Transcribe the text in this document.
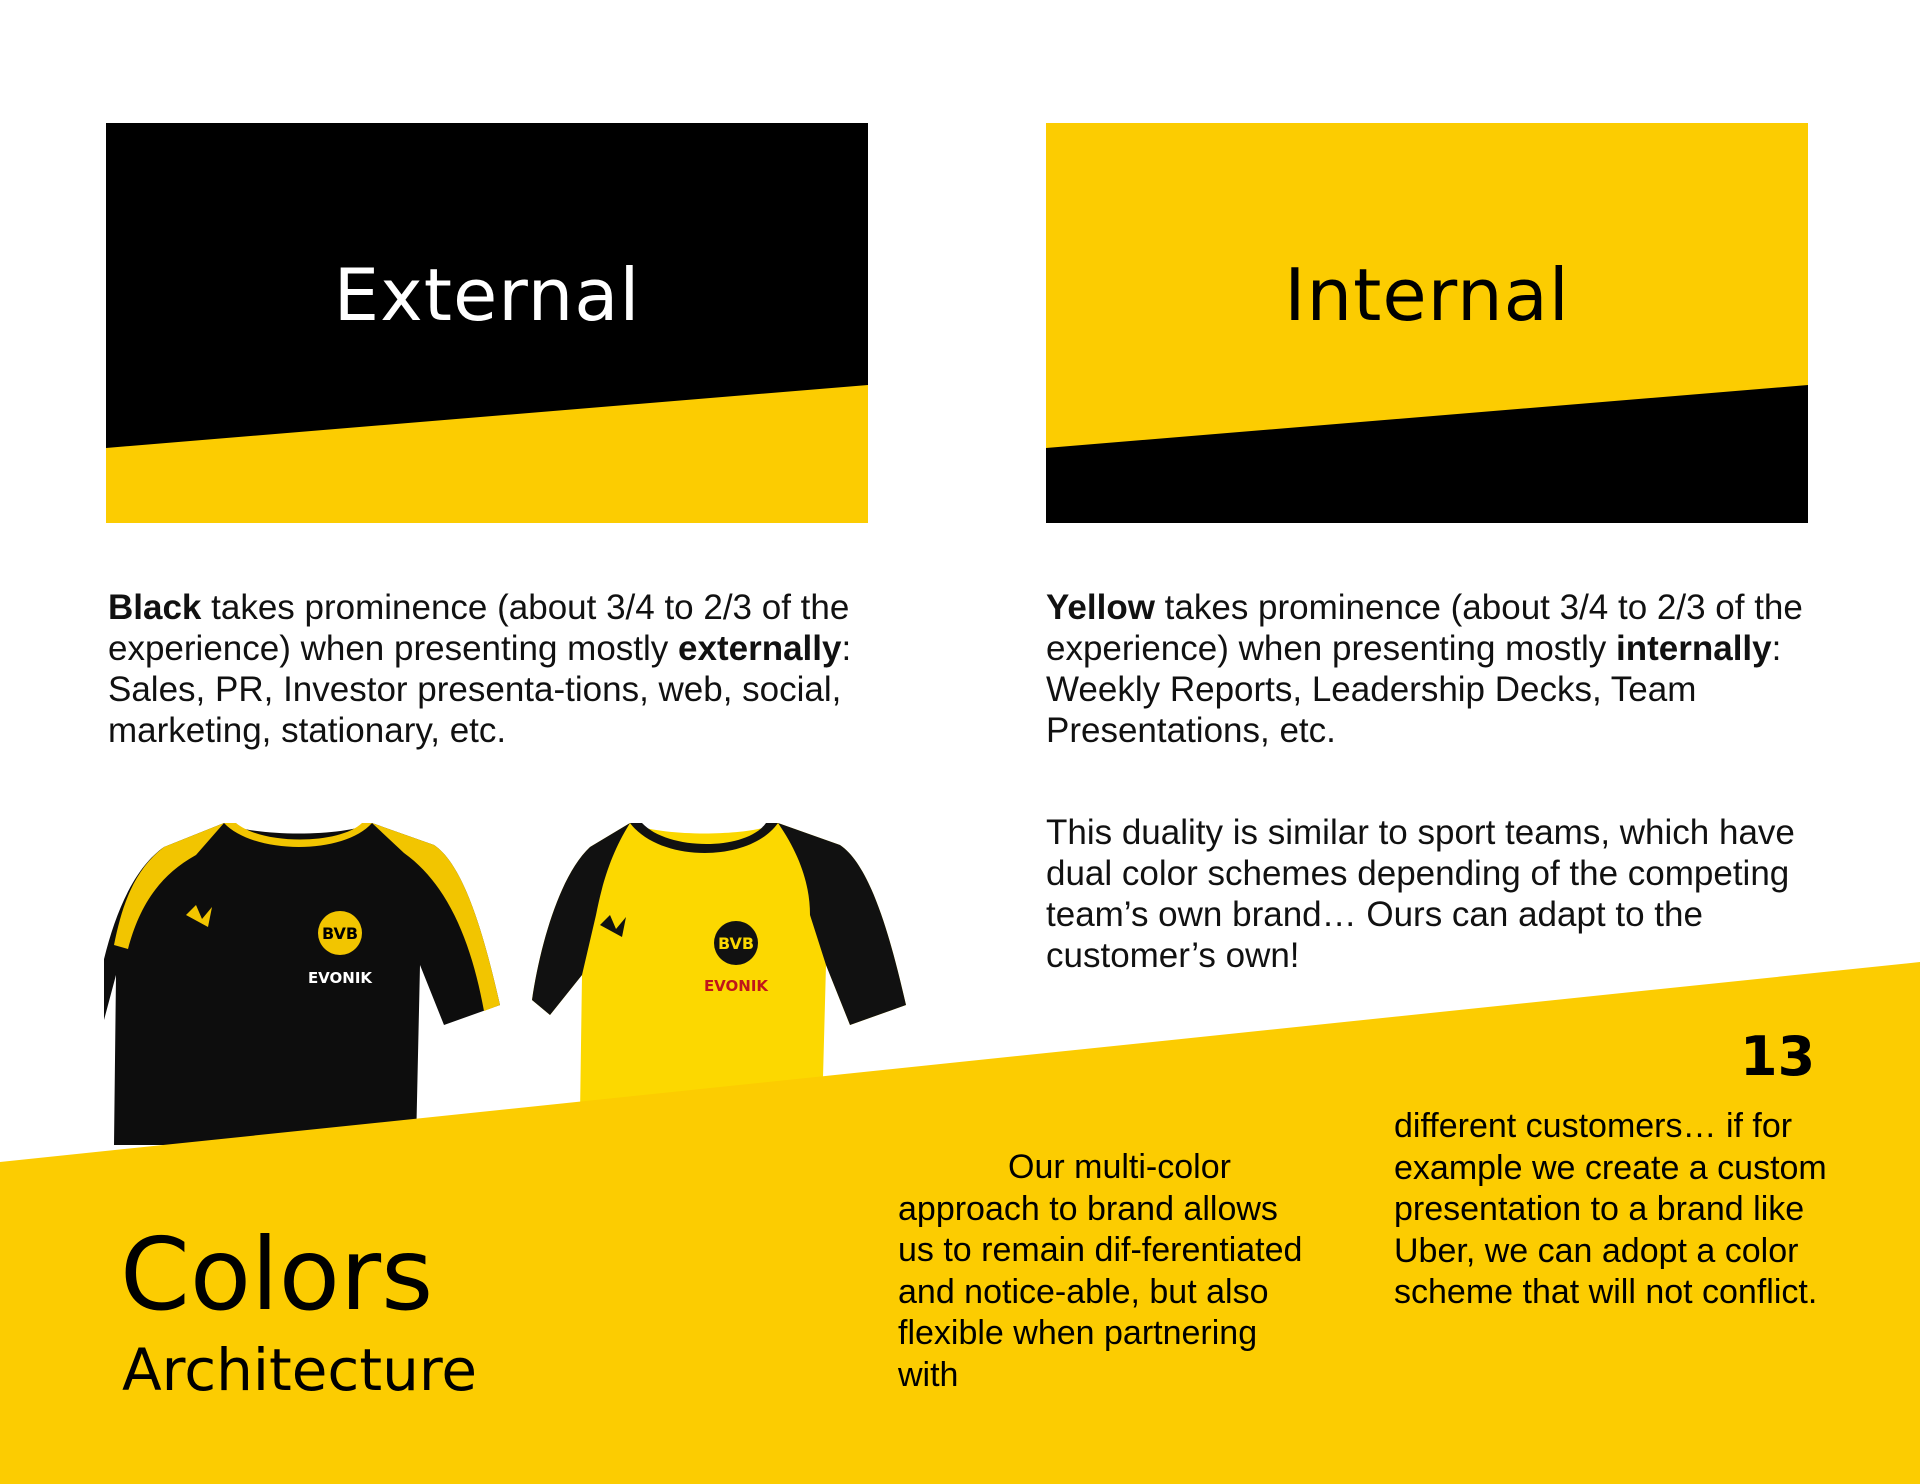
External	Internal
Black takes prominence (about 3/4 to 2/3 of the experience) when presenting mostly externally: Sales, PR, Investor presenta-tions, web, social, marketing, stationary, etc.
Yellow takes prominence (about 3/4 to 2/3 of the experience) when presenting mostly internally: Weekly Reports, Leadership Decks, Team Presentations, etc.
This duality is similar to sport teams, which have dual color schemes depending of the competing team’s own brand… Ours can adapt to the customer’s own!
BVB
EVONIK
BVB
EVONIK
13
Colors
Architecture
Our multi-color approach to brand allows us to remain dif-ferentiated and notice-able, but also flexible when partnering with
different customers… if for example we create a custom presentation to a brand like Uber, we can adopt a color scheme that will not conflict.
